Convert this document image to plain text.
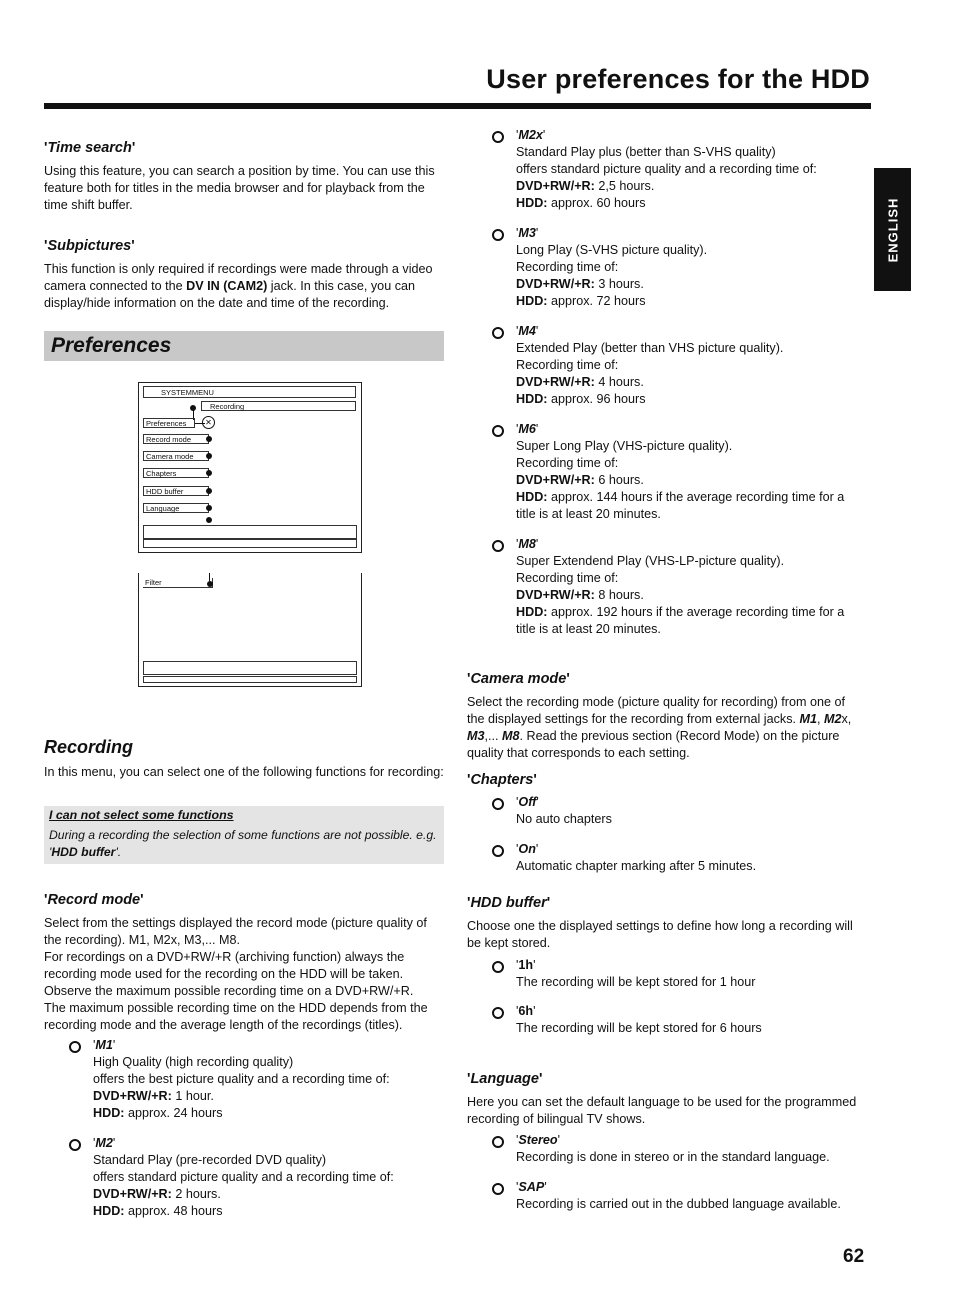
User preferences for the HDD
ENGLISH
'Time search'

Using this feature, you can search a position by time. You can use this feature both for titles in the media browser and for playback from the time shift buffer.

'Subpictures'

This function is only required if recordings were made through a video camera connected to the DV IN (CAM2) jack. In this case, you can display/hide information on the date and time of the recording.

Preferences
SYSTEMMENU
Recording
Preferences	✕
Record mode
Camera mode
Chapters
HDD buffer
Language
Filter
Recording

In this menu, you can select one of the following functions for recording:

I can not select some functions
During a recording the selection of some functions are not possible. e.g. 'HDD buffer'.
'Record mode'

Select from the settings displayed the record mode (picture quality of the recording). M1, M2x, M3,... M8.
For recordings on a DVD+RW/+R (archiving function) always the recording mode used for the recording on the HDD will be taken. Observe the maximum possible recording time on a DVD+RW/+R.
The maximum possible recording time on the HDD depends from the recording mode and the average length of the recordings (titles).

'M1'
High Quality (high recording quality)
offers the best picture quality and a recording time of:
DVD+RW/+R: 1 hour.
HDD: approx. 24 hours
'M2'
Standard Play (pre-recorded DVD quality)
offers standard picture quality and a recording time of:
DVD+RW/+R: 2 hours.
HDD: approx. 48 hours
'M2x'
Standard Play plus (better than S-VHS quality)
offers standard picture quality and a recording time of:
DVD+RW/+R: 2,5 hours.
HDD: approx. 60 hours
'M3'
Long Play (S-VHS picture quality).
Recording time of:
DVD+RW/+R: 3 hours.
HDD: approx. 72 hours
'M4'
Extended Play (better than VHS picture quality).
Recording time of:
DVD+RW/+R: 4 hours.
HDD: approx. 96 hours
'M6'
Super Long Play (VHS-picture quality).
Recording time of:
DVD+RW/+R: 6 hours.
HDD: approx. 144 hours if the average recording time for a
title is at least 20 minutes.
'M8'
Super Extendend Play (VHS-LP-picture quality).
Recording time of:
DVD+RW/+R: 8 hours.
HDD: approx. 192 hours if the average recording time for a
title is at least 20 minutes.
'Camera mode'

Select the recording mode (picture quality for recording) from one of
the displayed settings for the recording from external jacks. M1, M2x,
M3,... M8. Read the previous section (Record Mode) on the picture
quality that corresponds to each setting.

'Chapters'
'Off'
No auto chapters
'On'
Automatic chapter marking after 5 minutes.
'HDD buffer'

Choose one the displayed settings to define how long a recording will be kept stored.

'1h'
The recording will be kept stored for 1 hour
'6h'
The recording will be kept stored for 6 hours
'Language'

Here you can set the default language to be used for the programmed recording of bilingual TV shows.

'Stereo'
Recording is done in stereo or in the standard language.
'SAP'
Recording is carried out in the dubbed language available.
62
